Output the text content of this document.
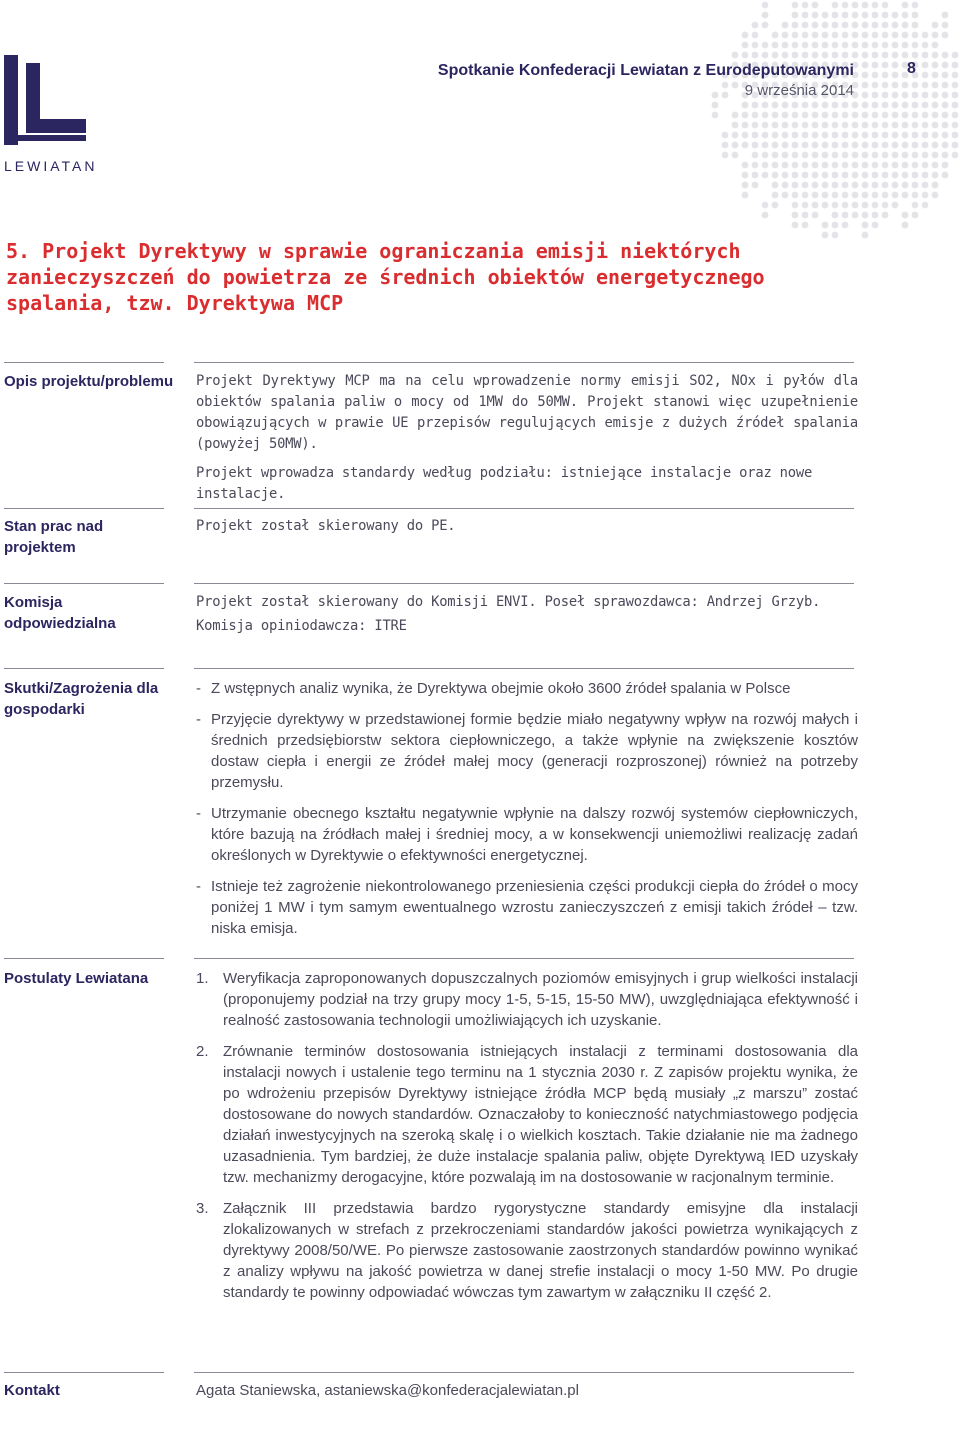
LEWIATAN
Spotkanie Konfederacji Lewiatan z Eurodeputowanymi
9 września 2014
8
5. Projekt Dyrektywy w sprawie ograniczania emisji niektórych zanieczyszczeń do powietrza ze średnich obiektów energetycznego spalania, tzw. Dyrektywa MCP
Opis projektu/problemu Projekt Dyrektywy MCP ma na celu wprowadzenie normy emisji SO2, NOx i pyłów dla obiektów spalania paliw o mocy od 1MW do 50MW. Projekt stanowi więc uzupełnienie obowiązujących w prawie UE przepisów regulujących emisje z dużych źródeł spalania (powyżej 50MW).

Projekt wprowadza standardy według podziału: istniejące instalacje oraz nowe instalacje.

Stan prac nad projektem
Projekt został skierowany do PE.
Komisja odpowiedzialna

Projekt został skierowany do Komisji ENVI. Poseł sprawozdawca: Andrzej Grzyb.

Komisja opiniodawcza: ITRE

Skutki/Zagrożenia dla gospodarki
- Z wstępnych analiz wynika, że Dyrektywa obejmie około 3600 źródeł spalania w Polsce
- Przyjęcie dyrektywy w przedstawionej formie będzie miało negatywny wpływ na rozwój małych i średnich przedsiębiorstw sektora ciepłowniczego, a także wpłynie na zwiększenie kosztów dostaw ciepła i energii ze źródeł małej mocy (generacji rozproszonej) również na potrzeby przemysłu.
- Utrzymanie obecnego kształtu negatywnie wpłynie na dalszy rozwój systemów ciepłowniczych, które bazują na źródłach małej i średniej mocy, a w konsekwencji uniemożliwi realizację zadań określonych w Dyrektywie o efektywności energetycznej.
- Istnieje też zagrożenie niekontrolowanego przeniesienia części produkcji ciepła do źródeł o mocy poniżej 1 MW i tym samym ewentualnego wzrostu zanieczyszczeń z emisji takich źródeł – tzw. niska emisja.
Postulaty Lewiatana	1. Weryfikacja zaproponowanych dopuszczalnych poziomów emisyjnych i grup wielkości instalacji (proponujemy podział na trzy grupy mocy 1-5, 5-15, 15-50 MW), uwzględniająca efektywność i realność zastosowania technologii umożliwiających ich uzyskanie.
2. Zrównanie terminów dostosowania istniejących instalacji z terminami dostosowania dla instalacji nowych i ustalenie tego terminu na 1 stycznia 2030 r. Z zapisów projektu wynika, że po wdrożeniu przepisów Dyrektywy istniejące źródła MCP będą musiały „z marszu” zostać dostosowane do nowych standardów. Oznaczałoby to konieczność natychmiastowego podjęcia działań inwestycyjnych na szeroką skalę i o wielkich kosztach. Takie działanie nie ma żadnego uzasadnienia. Tym bardziej, że duże instalacje spalania paliw, objęte Dyrektywą IED uzyskały tzw. mechanizmy derogacyjne, które pozwalają im na dostosowanie w racjonalnym terminie.
3. Załącznik III przedstawia bardzo rygorystyczne standardy emisyjne dla instalacji zlokalizowanych w strefach z przekroczeniami standardów jakości powietrza wynikających z dyrektywy 2008/50/WE. Po pierwsze zastosowanie zaostrzonych standardów powinno wynikać z analizy wpływu na jakość powietrza w danej strefie instalacji o mocy 1-50 MW. Po drugie standardy te powinny odpowiadać wówczas tym zawartym w załączniku II część 2.
Kontakt	Agata Staniewska, astaniewska@konfederacjalewiatan.pl
